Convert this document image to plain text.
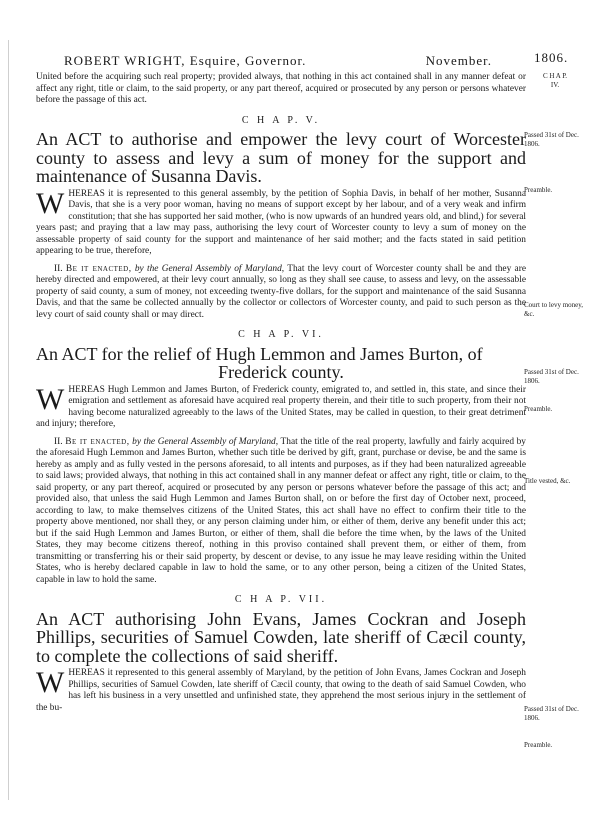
ROBERT WRIGHT, Esquire, Governor.	November.	1806.

United before the acquiring such real property; provided always, that nothing in this act contained shall in any manner defeat or affect any right, title or claim, to the said property, or any part thereof, acquired or prosecuted by any person or persons whatever before the passage of this act.

C H A P. V.

An ACT to authorise and empower the levy court of Worcester county to assess and levy a sum of money for the support and maintenance of Susanna Davis.

WHEREAS it is represented to this general assembly, by the petition of Sophia Davis, in behalf of her mother, Susanna Davis, that she is a very poor woman, having no means of support except by her labour, and of a very weak and infirm constitution; that she has supported her said mother, (who is now upwards of an hundred years old, and blind,) for several years past; and praying that a law may pass, authorising the levy court of Worcester county to levy a sum of money on the assessable property of said county for the support and maintenance of her said mother; and the facts stated in said petition appearing to be true, therefore,

II. Be it enacted, by the General Assembly of Maryland, That the levy court of Worcester county shall be and they are hereby directed and empowered, at their levy court annually, so long as they shall see cause, to assess and levy, on the assessable property of said county, a sum of money, not exceeding twenty-five dollars, for the support and maintenance of the said Susanna Davis, and that the same be collected annually by the collector or collectors of Worcester county, and paid to such person as the levy court of said county shall or may direct.

C H A P. VI.

An ACT for the relief of Hugh Lemmon and James Burton, of

Frederick county.

WHEREAS Hugh Lemmon and James Burton, of Frederick county, emigrated to, and settled in, this state, and since their emigration and settlement as aforesaid have acquired real property therein, and their title to such property, from their not having become naturalized agreeably to the laws of the United States, may be called in question, to their great detriment and injury; therefore,

II. Be it enacted, by the General Assembly of Maryland, That the title of the real property, lawfully and fairly acquired by the aforesaid Hugh Lemmon and James Burton, whether such title be derived by gift, grant, purchase or devise, be and the same is hereby as amply and as fully vested in the persons aforesaid, to all intents and purposes, as if they had been naturalized agreeable to said laws; provided always, that nothing in this act contained shall in any manner defeat or affect any right, title or claim, to the said property, or any part thereof, acquired or prosecuted by any person or persons whatever before the passage of this act; and provided also, that unless the said Hugh Lemmon and James Burton shall, on or before the first day of October next, proceed, according to law, to make themselves citizens of the United States, this act shall have no effect to confirm their title to the property above mentioned, nor shall they, or any person claiming under him, or either of them, derive any benefit under this act; but if the said Hugh Lemmon and James Burton, or either of them, shall die before the time when, by the laws of the United States, they may become citizens thereof, nothing in this proviso contained shall prevent them, or either of them, from transmitting or transferring his or their said property, by descent or devise, to any issue he may leave residing within the United States, who is hereby declared capable in law to hold the same, or to any other person, being a citizen of the United States, capable in law to hold the same.

C H A P. VII.

An ACT authorising John Evans, James Cockran and Joseph Phillips, securities of Samuel Cowden, late sheriff of Cæcil county, to complete the collections of said sheriff.

WHEREAS it represented to this general assembly of Maryland, by the petition of John Evans, James Cockran and Joseph Phillips, securities of Samuel Cowden, late sheriff of Cæcil county, that owing to the death of said Samuel Cowden, who has left his business in a very unsettled and unfinished state, they apprehend the most serious injury in the settlement of the bu-

C H A P.
IV.
Passed 31st of Dec. 1806.
Preamble.
Court to levy money, &c.
Passed 31st of Dec. 1806.
Preamble.
Title vested, &c.
Passed 31st of Dec. 1806.
Preamble.
